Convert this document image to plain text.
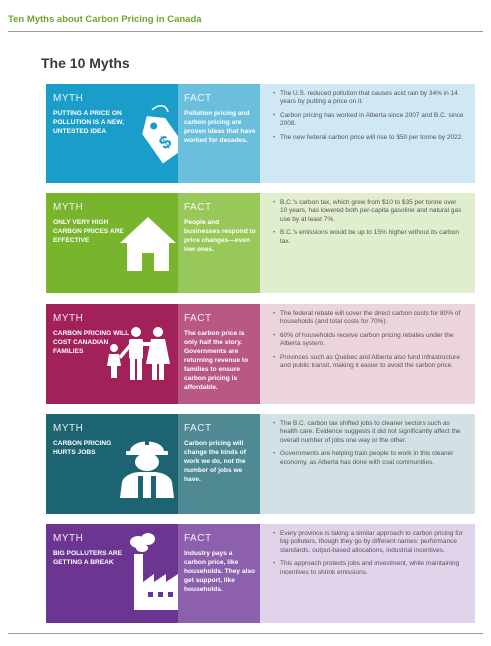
Ten Myths about Carbon Pricing in Canada
The 10 Myths
MYTH
PUTTING A PRICE ON POLLUTION IS A NEW, UNTESTED IDEA	$
FACT
Pollution pricing and carbon pricing are proven ideas that have worked for decades.
• The U.S. reduced pollution that causes acid rain by 34% in 14 years by putting a price on it.
• Carbon pricing has worked in Alberta since 2007 and B.C. since 2008.
• The new federal carbon price will rise to $50 per tonne by 2022.
MYTH
ONLY VERY HIGH CARBON PRICES ARE EFFECTIVE
FACT
People and businesses respond to price changes—even low ones.
• B.C.'s carbon tax, which grew from $10 to $35 per tonne over 10 years, has lowered both per-capita gasoline and natural gas use by at least 7%.
• B.C.'s emissions would be up to 15% higher without its carbon tax.
MYTH
CARBON PRICING WILL COST CANADIAN FAMILIES
FACT
The carbon price is only half the story. Governments are returning revenue to families to ensure carbon pricing is affordable.
• The federal rebate will cover the direct carbon costs for 80% of households (and total costs for 70%).
• 60% of households receive carbon pricing rebates under the Alberta system.
• Provinces such as Quebec and Alberta also fund infrastructure and public transit, making it easier to avoid the carbon price.
MYTH
CARBON PRICING HURTS JOBS
FACT
Carbon pricing will change the kinds of work we do, not the number of jobs we have.
• The B.C. carbon tax shifted jobs to cleaner sectors such as health care. Evidence suggests it did not significantly affect the overall number of jobs one way or the other.
• Governments are helping train people to work in this cleaner economy, as Alberta has done with coal communities.
MYTH
BIG POLLUTERS ARE GETTING A BREAK
FACT
Industry pays a carbon price, like households. They also get support, like households.
• Every province is taking a similar approach to carbon pricing for big polluters, though they go by different names: performance standards, output-based allocations, industrial incentives.
• This approach protects jobs and investment, while maintaining incentives to shrink emissions.
